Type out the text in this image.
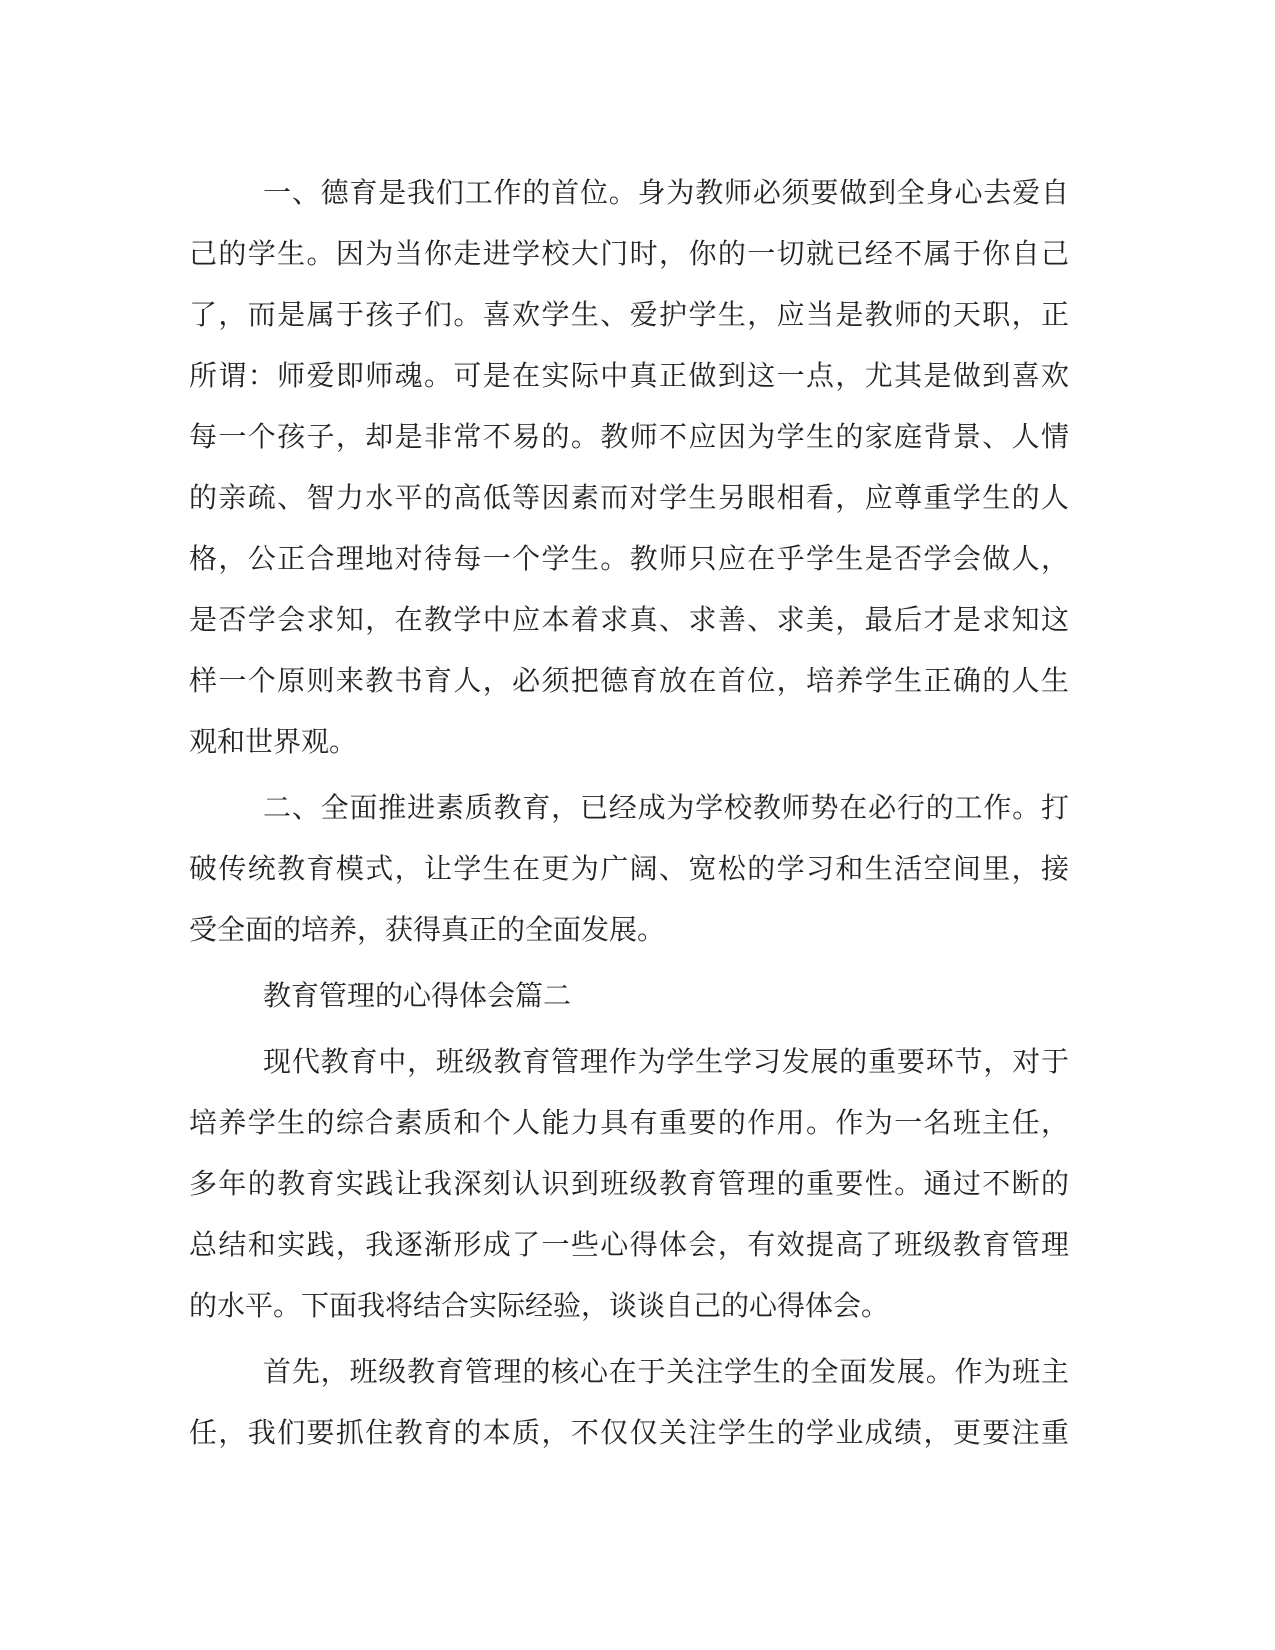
一、德育是我们工作的首位。身为教师必须要做到全身心去爱自
己的学生。因为当你走进学校大门时，你的一切就已经不属于你自己
了，而是属于孩子们。喜欢学生、爱护学生，应当是教师的天职，正
所谓：师爱即师魂。可是在实际中真正做到这一点，尤其是做到喜欢
每一个孩子，却是非常不易的。教师不应因为学生的家庭背景、人情
的亲疏、智力水平的高低等因素而对学生另眼相看，应尊重学生的人
格，公正合理地对待每一个学生。教师只应在乎学生是否学会做人，
是否学会求知，在教学中应本着求真、求善、求美，最后才是求知这
样一个原则来教书育人，必须把德育放在首位，培养学生正确的人生
观和世界观。
二、全面推进素质教育，已经成为学校教师势在必行的工作。打
破传统教育模式，让学生在更为广阔、宽松的学习和生活空间里，接
受全面的培养，获得真正的全面发展。
教育管理的心得体会篇二
现代教育中，班级教育管理作为学生学习发展的重要环节，对于
培养学生的综合素质和个人能力具有重要的作用。作为一名班主任，
多年的教育实践让我深刻认识到班级教育管理的重要性。通过不断的
总结和实践，我逐渐形成了一些心得体会，有效提高了班级教育管理
的水平。下面我将结合实际经验，谈谈自己的心得体会。
首先，班级教育管理的核心在于关注学生的全面发展。作为班主
任，我们要抓住教育的本质，不仅仅关注学生的学业成绩，更要注重
